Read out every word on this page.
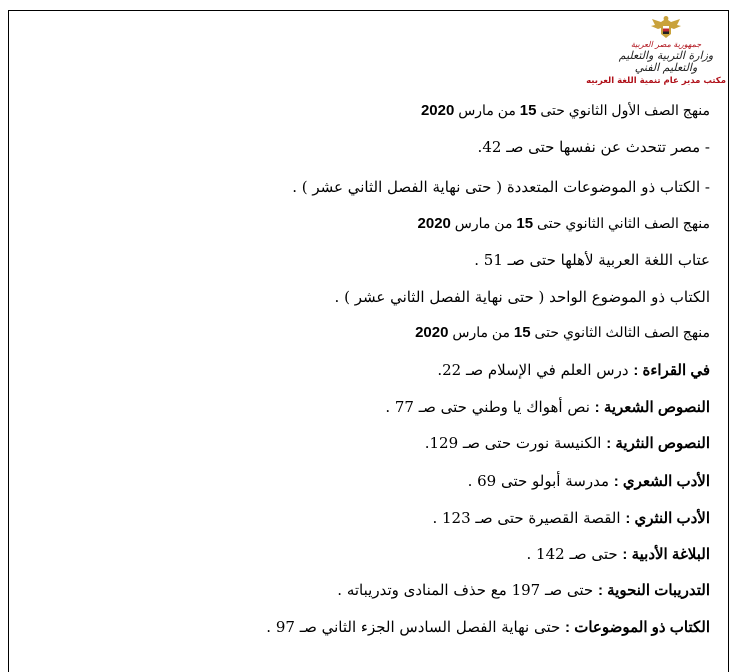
جمهورية مصر العربية
وزارة التربية والتعليم
والتعليم الفني
مكتب مدير عام تنمية اللغة العربيه
منهج الصف الأول الثانوي حتى 15 من مارس 2020
- مصر تتحدث عن نفسها حتى صـ 42.
- الكتاب ذو الموضوعات المتعددة ( حتى نهاية الفصل الثاني عشر ) .
منهج الصف الثاني الثانوي حتى 15 من مارس 2020
عتاب اللغة العربية لأهلها حتى صـ 51 .
الكتاب ذو الموضوع الواحد ( حتى نهاية الفصل الثاني عشر ) .
منهج الصف الثالث الثانوي حتى 15 من مارس 2020
في القراءة : درس العلم في الإسلام صـ 22.
النصوص الشعرية : نص أهواك يا وطني حتى صـ 77 .
النصوص النثرية : الكنيسة نورت حتى صـ 129.
الأدب الشعري : مدرسة أبولو حتى 69 .
الأدب النثري : القصة القصيرة حتى صـ 123 .
البلاغة الأدبية : حتى صـ 142 .
التدريبات النحوية : حتى صـ 197 مع حذف المنادى وتدريباته .
الكتاب ذو الموضوعات : حتى نهاية الفصل السادس الجزء الثاني صـ 97 .
